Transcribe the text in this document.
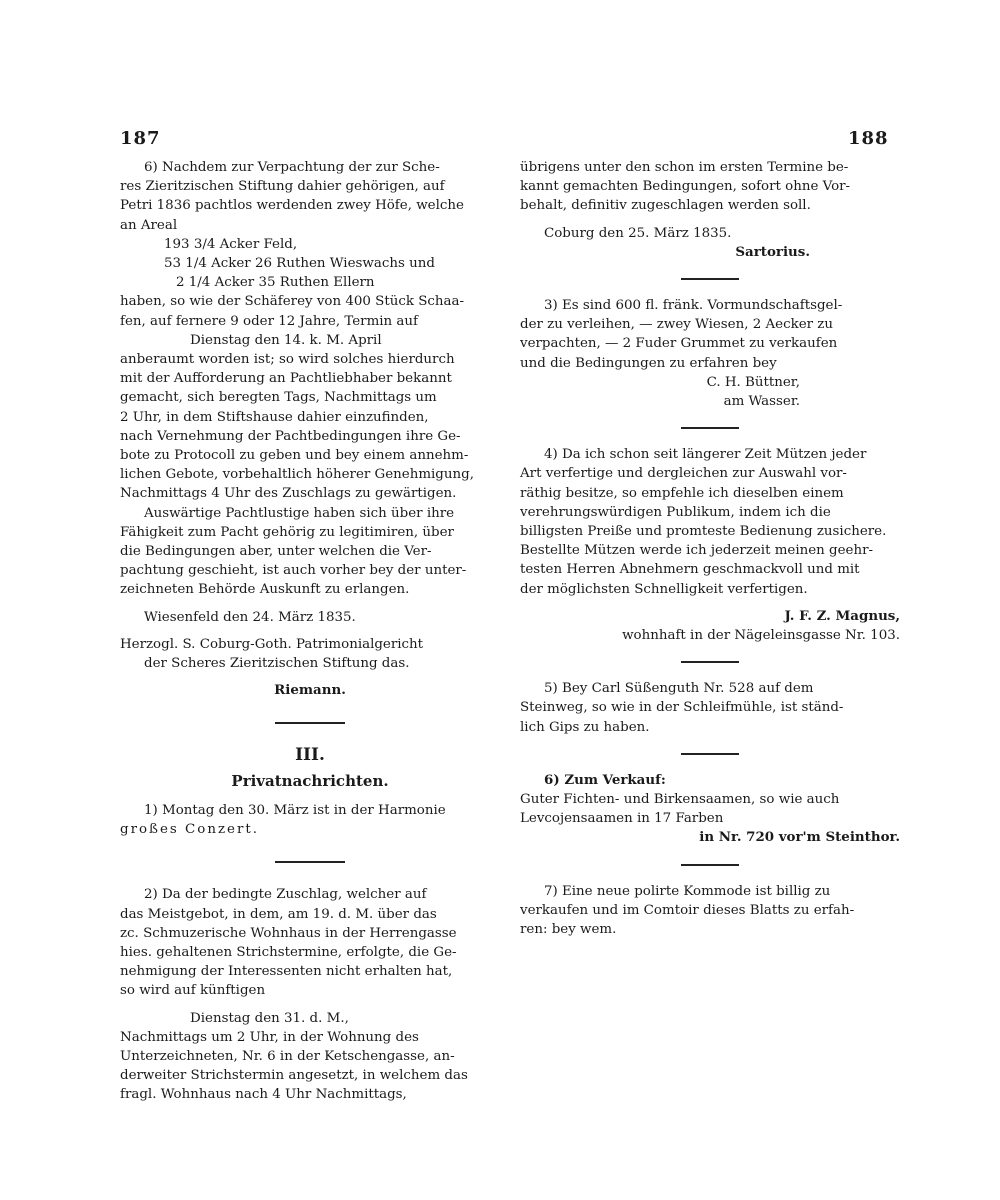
187	188

6) Nachdem zur Verpachtung der zur Sche-

res Zieritzischen Stiftung dahier gehörigen, auf

Petri 1836 pachtlos werdenden zwey Höfe, welche

an Areal

193 3/4 Acker Feld,

53 1/4 Acker 26 Ruthen Wieswachs und

2 1/4 Acker 35 Ruthen Ellern

haben, so wie der Schäferey von 400 Stück Schaa-

fen, auf fernere 9 oder 12 Jahre, Termin auf

Dienstag den 14. k. M. April

anberaumt worden ist; so wird solches hierdurch

mit der Aufforderung an Pachtliebhaber bekannt

gemacht, sich beregten Tags, Nachmittags um

2 Uhr, in dem Stiftshause dahier einzufinden,

nach Vernehmung der Pachtbedingungen ihre Ge-

bote zu Protocoll zu geben und bey einem annehm-

lichen Gebote, vorbehaltlich höherer Genehmigung,

Nachmittags 4 Uhr des Zuschlags zu gewärtigen.

Auswärtige Pachtlustige haben sich über ihre

Fähigkeit zum Pacht gehörig zu legitimiren, über

die Bedingungen aber, unter welchen die Ver-

pachtung geschieht, ist auch vorher bey der unter-

zeichneten Behörde Auskunft zu erlangen.

Wiesenfeld den 24. März 1835.

Herzogl. S. Coburg-Goth. Patrimonialgericht

der Scheres Zieritzischen Stiftung das.

Riemann.

III.
Privatnachrichten.

1) Montag den 30. März ist in der Harmonie

großes Conzert.

2) Da der bedingte Zuschlag, welcher auf

das Meistgebot, in dem, am 19. d. M. über das

zc. Schmuzerische Wohnhaus in der Herrengasse

hies. gehaltenen Strichstermine, erfolgte, die Ge-

nehmigung der Interessenten nicht erhalten hat,

so wird auf künftigen

Dienstag den 31. d. M.,

Nachmittags um 2 Uhr, in der Wohnung des

Unterzeichneten, Nr. 6 in der Ketschengasse, an-

derweiter Strichstermin angesetzt, in welchem das

fragl. Wohnhaus nach 4 Uhr Nachmittags,

übrigens unter den schon im ersten Termine be-

kannt gemachten Bedingungen, sofort ohne Vor-

behalt, definitiv zugeschlagen werden soll.

Coburg den 25. März 1835.

Sartorius.

3) Es sind 600 fl. fränk. Vormundschaftsgel-

der zu verleihen, — zwey Wiesen, 2 Aecker zu

verpachten, — 2 Fuder Grummet zu verkaufen

und die Bedingungen zu erfahren bey

C. H. Büttner,

am Wasser.

4) Da ich schon seit längerer Zeit Mützen jeder

Art verfertige und dergleichen zur Auswahl vor-

räthig besitze, so empfehle ich dieselben einem

verehrungswürdigen Publikum, indem ich die

billigsten Preiße und promteste Bedienung zusichere.

Bestellte Mützen werde ich jederzeit meinen geehr-

testen Herren Abnehmern geschmackvoll und mit

der möglichsten Schnelligkeit verfertigen.

J. F. Z. Magnus,

wohnhaft in der Nägeleinsgasse Nr. 103.

5) Bey Carl Süßenguth Nr. 528 auf dem

Steinweg, so wie in der Schleifmühle, ist ständ-

lich Gips zu haben.

6) Zum Verkauf:

Guter Fichten- und Birkensaamen, so wie auch

Levcojensaamen in 17 Farben

in Nr. 720 vor'm Steinthor.

7) Eine neue polirte Kommode ist billig zu

verkaufen und im Comtoir dieses Blatts zu erfah-

ren: bey wem.
